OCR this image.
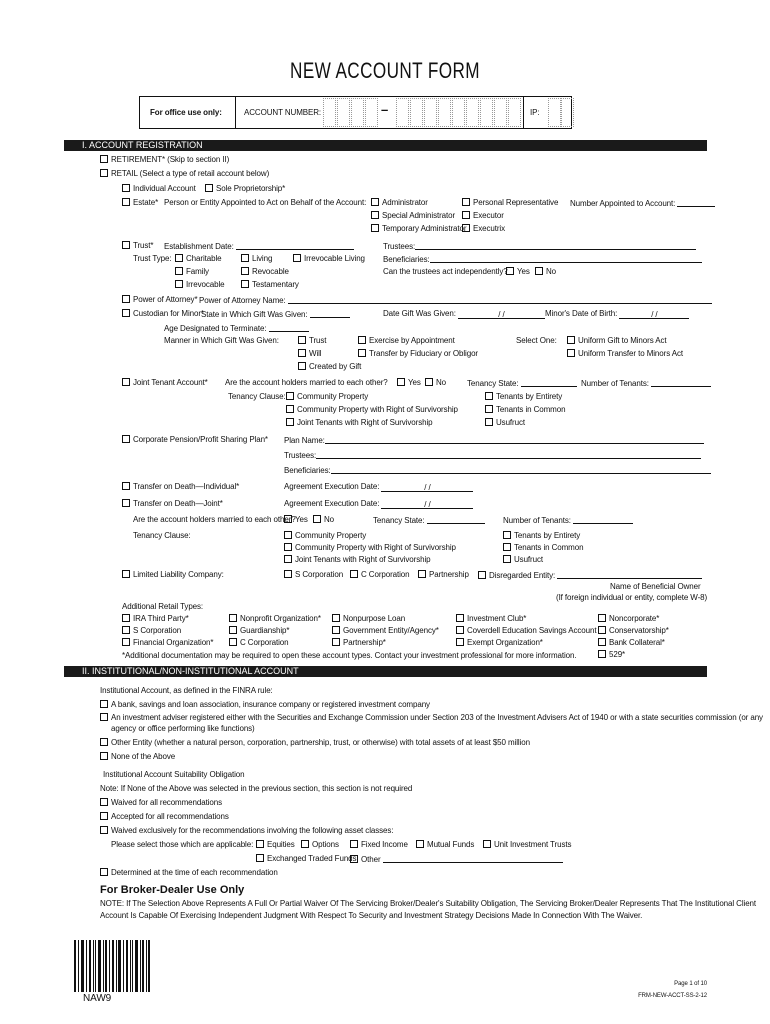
NEW ACCOUNT FORM
For office use only:	ACCOUNT NUMBER:	–	IP:
I. ACCOUNT REGISTRATION
RETIREMENT* (Skip to section II)
RETAIL (Select a type of retail account below)
Individual Account	Sole Proprietorship*
Estate* Person or Entity Appointed to Act on Behalf of the Account:	Administrator	Personal Representative Number Appointed to Account:
Special Administrator	Executor
Temporary Administrator Executrix
Trust* Establishment Date:	Trustees:
Trust Type:	Charitable	Living	Irrevocable Living Beneficiaries:
Family	Revocable	Can the trustees act independently?	Yes	No
Irrevocable	Testamentary
Power of Attorney* Power of Attorney Name:
Custodian for Minor*
State in Which Gift Was Given:	Date Gift Was Given:	/ /	Minor's Date of Birth:	/ /
Age Designated to Terminate:
Manner in Which Gift Was Given:	Trust	Exercise by Appointment	Select One:	Uniform Gift to Minors Act
Will	Transfer by Fiduciary or Obligor	Uniform Transfer to Minors Act
Created by Gift
Joint Tenant Account* Are the account holders married to each other?	Yes	No	Tenancy State:	Number of Tenants:
Tenancy Clause:	Community Property	Tenants by Entirety
Community Property with Right of Survivorship	Tenants in Common
Joint Tenants with Right of Survivorship	Usufruct
Corporate Pension/Profit Sharing Plan* Plan Name:
Trustees:
Beneficiaries:
Transfer on Death—Individual*	Agreement Execution Date:	/ /
Transfer on Death—Joint*	Agreement Execution Date:	/ /
Are the account holders married to each other? Yes	No	Tenancy State:	Number of Tenants:
Tenancy Clause:	Community Property	Tenants by Entirety
Community Property with Right of Survivorship	Tenants in Common
Joint Tenants with Right of Survivorship	Usufruct
Limited Liability Company:	S Corporation	C Corporation	Partnership	Disregarded Entity:
Name of Beneficial Owner
(If foreign individual or entity, complete W-8)
Additional Retail Types:
IRA Third Party*	Nonprofit Organization*	Nonpurpose Loan	Investment Club*	Noncorporate*
S Corporation	Guardianship*	Government Entity/Agency*	Coverdell Education Savings Account	Conservatorship*
Financial Organization*	C Corporation	Partnership*	Exempt Organization*	Bank Collateral*
*Additional documentation may be required to open these account types. Contact your investment professional for more information.	529*
II. INSTITUTIONAL/NON-INSTITUTIONAL ACCOUNT
Institutional Account, as defined in the FINRA rule:
A bank, savings and loan association, insurance company or registered investment company
An investment adviser registered either with the Securities and Exchange Commission under Section 203 of the Investment Advisers Act of 1940 or with a state securities commission (or any
agency or office performing like functions)
Other Entity (whether a natural person, corporation, partnership, trust, or otherwise) with total assets of at least $50 million
None of the Above
Institutional Account Suitability Obligation
Note: If None of the Above was selected in the previous section, this section is not required
Waived for all recommendations
Accepted for all recommendations
Waived exclusively for the recommendations involving the following asset classes:
Please select those which are applicable:	Equities	Options	Fixed Income	Mutual Funds	Unit Investment Trusts
Exchanged Traded Funds Other
Determined at the time of each recommendation
For Broker-Dealer Use Only
NOTE: If The Selection Above Represents A Full Or Partial Waiver Of The Servicing Broker/Dealer's Suitability Obligation, The Servicing Broker/Dealer Represents That The Institutional Client
Account Is Capable Of Exercising Independent Judgment With Respect To Security and Investment Strategy Decisions Made In Connection With The Waiver.
NAW9
Page 1 of 10
FRM-NEW-ACCT-SS-2-12
